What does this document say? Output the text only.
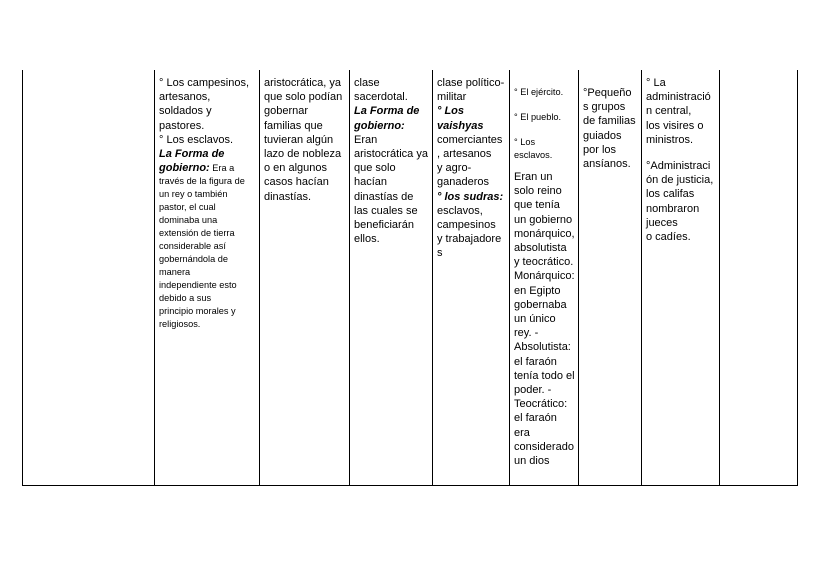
° Los campesinos,
artesanos,
soldados y
pastores.
° Los esclavos.
La Forma de
gobierno: Era a
través de la figura de
un rey o también
pastor, el cual
dominaba una
extensión de tierra
considerable así
gobernándola de
manera
independiente esto
debido a sus
principio morales y
religiosos.
aristocrática, ya
que solo podían
gobernar
familias que
tuvieran algún
lazo de nobleza
o en algunos
casos hacían
dinastías.
clase
sacerdotal.
La Forma de
gobierno:
Eran
aristocrática ya
que solo
hacían
dinastías de
las cuales se
beneficiarán
ellos.
clase político-
militar
° Los
vaishyas
comerciantes
, artesanos
y agro-
ganaderos
° los sudras:
esclavos,
campesinos
y trabajadore
s
° El ejército.
° El pueblo.
° Los
esclavos.
Eran un
solo reino
que tenía
un gobierno
monárquico,
absolutista
y teocrático.
Monárquico:
en Egipto
gobernaba
un único
rey. -
Absolutista:
el faraón
tenía todo el
poder. -
Teocrático:
el faraón
era
considerado
un dios
°Pequeño
s grupos
de familias
guiados
por los
ansíanos.
° La
administració
n central,
los visires o
ministros.
°Administraci
ón de justicia,
los califas
nombraron
jueces
o cadíes.
